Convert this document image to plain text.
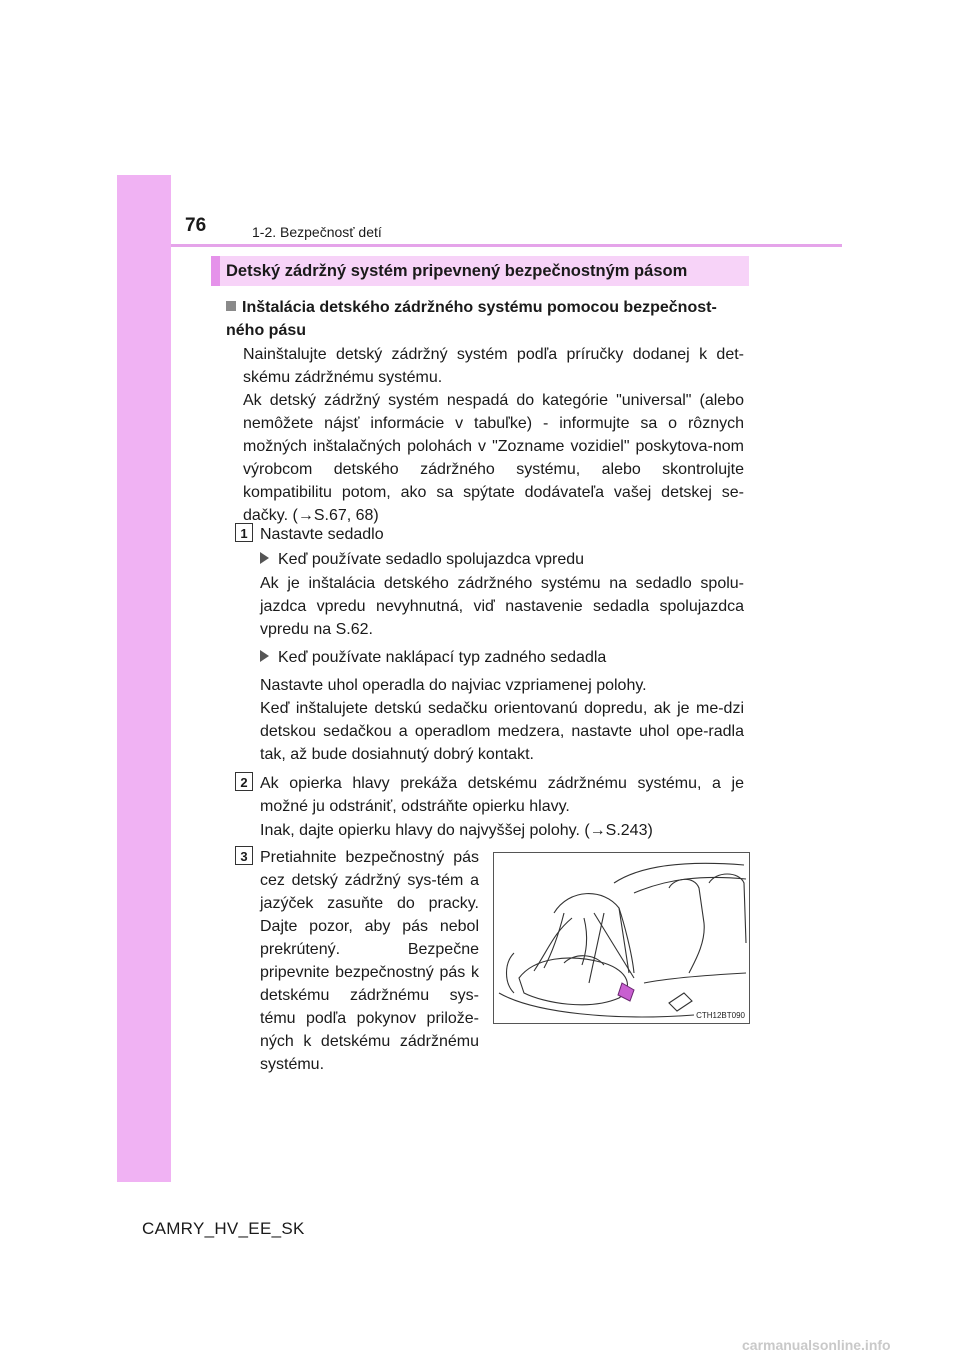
76	1-2. Bezpečnosť detí
Detský zádržný systém pripevnený bezpečnostným pásom
Inštalácia detského zádržného systému pomocou bezpečnost-ného pásu

Nainštalujte detský zádržný systém podľa príručky dodanej k det-skému zádržnému systému.

Ak detský zádržný systém nespadá do kategórie "universal" (alebo nemôžete nájsť informácie v tabuľke) - informujte sa o rôznych možných inštalačných polohách v "Zozname vozidiel" poskytova-nom výrobcom detského zádržného systému, alebo skontrolujte kompatibilitu potom, ako sa spýtate dodávateľa vašej detskej se-dačky. (→S.67, 68)

1 Nastavte sedadlo

Keď používate sedadlo spolujazdca vpredu

Ak je inštalácia detského zádržného systému na sedadlo spolu-jazdca vpredu nevyhnutná, viď nastavenie sedadla spolujazdca vpredu na S.62.

Keď používate naklápací typ zadného sedadla

Nastavte uhol operadla do najviac vzpriamenej polohy.

Keď inštalujete detskú sedačku orientovanú dopredu, ak je me-dzi detskou sedačkou a operadlom medzera, nastavte uhol ope-radla tak, až bude dosiahnutý dobrý kontakt.

2 Ak opierka hlavy prekáža detskému zádržnému systému, a je možné ju odstrániť, odstráňte opierku hlavy.

Inak, dajte opierku hlavy do najvyššej polohy. (→S.243)

3 Pretiahnite bezpečnostný pás cez detský zádržný sys-tém a jazýček zasuňte do pracky. Dajte pozor, aby pás nebol prekrútený. Bezpečne pripevnite bezpečnostný pás k detskému zádržnému sys-tému podľa pokynov prilože-ných k detskému zádržnému systému.

CTH12BT090
CAMRY_HV_EE_SK
carmanualsonline.info
